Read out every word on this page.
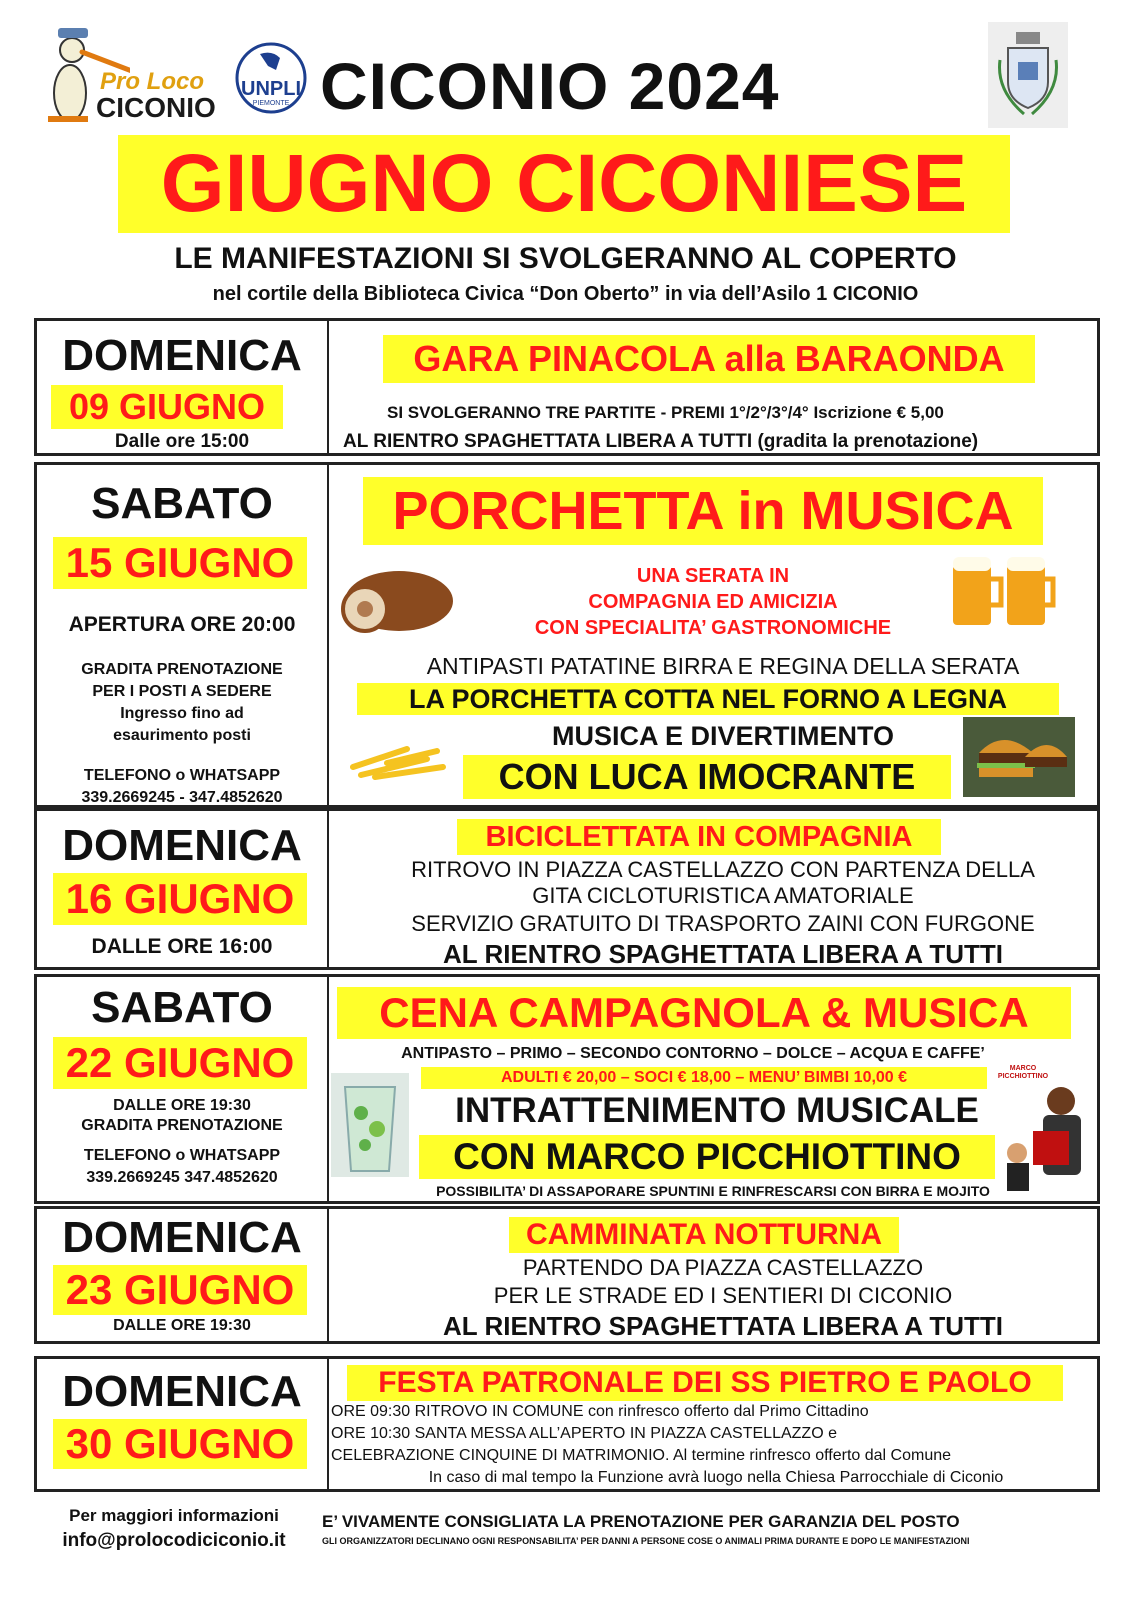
Pro Loco
CICONIO
UNPLI
PIEMONTE CICONIO 2024
GIUGNO CICONIESE
LE MANIFESTAZIONI SI SVOLGERANNO AL COPERTO
nel cortile della Biblioteca Civica “Don Oberto” in via dell’Asilo 1 CICONIO
DOMENICA
09 GIUGNO
Dalle ore 15:00
GARA PINACOLA alla BARAONDA
SI SVOLGERANNO TRE PARTITE - PREMI 1°/2°/3°/4° Iscrizione € 5,00
AL RIENTRO SPAGHETTATA LIBERA A TUTTI (gradita la prenotazione)
SABATO
15 GIUGNO
APERTURA ORE 20:00
GRADITA PRENOTAZIONE
PER I POSTI A SEDERE
Ingresso fino ad
esaurimento posti
TELEFONO o WHATSAPP
339.2669245 - 347.4852620
PORCHETTA in MUSICA
UNA SERATA IN
COMPAGNIA ED AMICIZIA
CON SPECIALITA’ GASTRONOMICHE
ANTIPASTI PATATINE BIRRA E REGINA DELLA SERATA
LA PORCHETTA COTTA NEL FORNO A LEGNA
MUSICA E DIVERTIMENTO
CON LUCA IMOCRANTE
DOMENICA
16 GIUGNO
DALLE ORE 16:00
BICICLETTATA IN COMPAGNIA
RITROVO IN PIAZZA CASTELLAZZO CON PARTENZA DELLA
GITA CICLOTURISTICA AMATORIALE
SERVIZIO GRATUITO DI TRASPORTO ZAINI CON FURGONE
AL RIENTRO SPAGHETTATA LIBERA A TUTTI
SABATO
22 GIUGNO
DALLE ORE 19:30
GRADITA PRENOTAZIONE
TELEFONO o WHATSAPP
339.2669245 347.4852620
CENA CAMPAGNOLA & MUSICA
ANTIPASTO – PRIMO – SECONDO CONTORNO – DOLCE – ACQUA E CAFFE’
ADULTI € 20,00 – SOCI € 18,00 – MENU’ BIMBI 10,00 €
MARCO PICCHIOTTINO
INTRATTENIMENTO MUSICALE
CON MARCO PICCHIOTTINO
POSSIBILITA’ DI ASSAPORARE SPUNTINI E RINFRESCARSI CON BIRRA E MOJITO
DOMENICA
23 GIUGNO
DALLE ORE 19:30
CAMMINATA NOTTURNA
PARTENDO DA PIAZZA CASTELLAZZO
PER LE STRADE ED I SENTIERI DI CICONIO
AL RIENTRO SPAGHETTATA LIBERA A TUTTI
DOMENICA
30 GIUGNO
FESTA PATRONALE DEI SS PIETRO E PAOLO
ORE 09:30 RITROVO IN COMUNE con rinfresco offerto dal Primo Cittadino
ORE 10:30 SANTA MESSA ALL’APERTO IN PIAZZA CASTELLAZZO e
CELEBRAZIONE CINQUINE DI MATRIMONIO. Al termine rinfresco offerto dal Comune
In caso di mal tempo la Funzione avrà luogo nella Chiesa Parrocchiale di Ciconio
Per maggiori informazioni
info@prolocodiciconio.it
E’ VIVAMENTE CONSIGLIATA LA PRENOTAZIONE PER GARANZIA DEL POSTO
GLI ORGANIZZATORI DECLINANO OGNI RESPONSABILITA’ PER DANNI A PERSONE COSE O ANIMALI PRIMA DURANTE E DOPO LE MANIFESTAZIONI
